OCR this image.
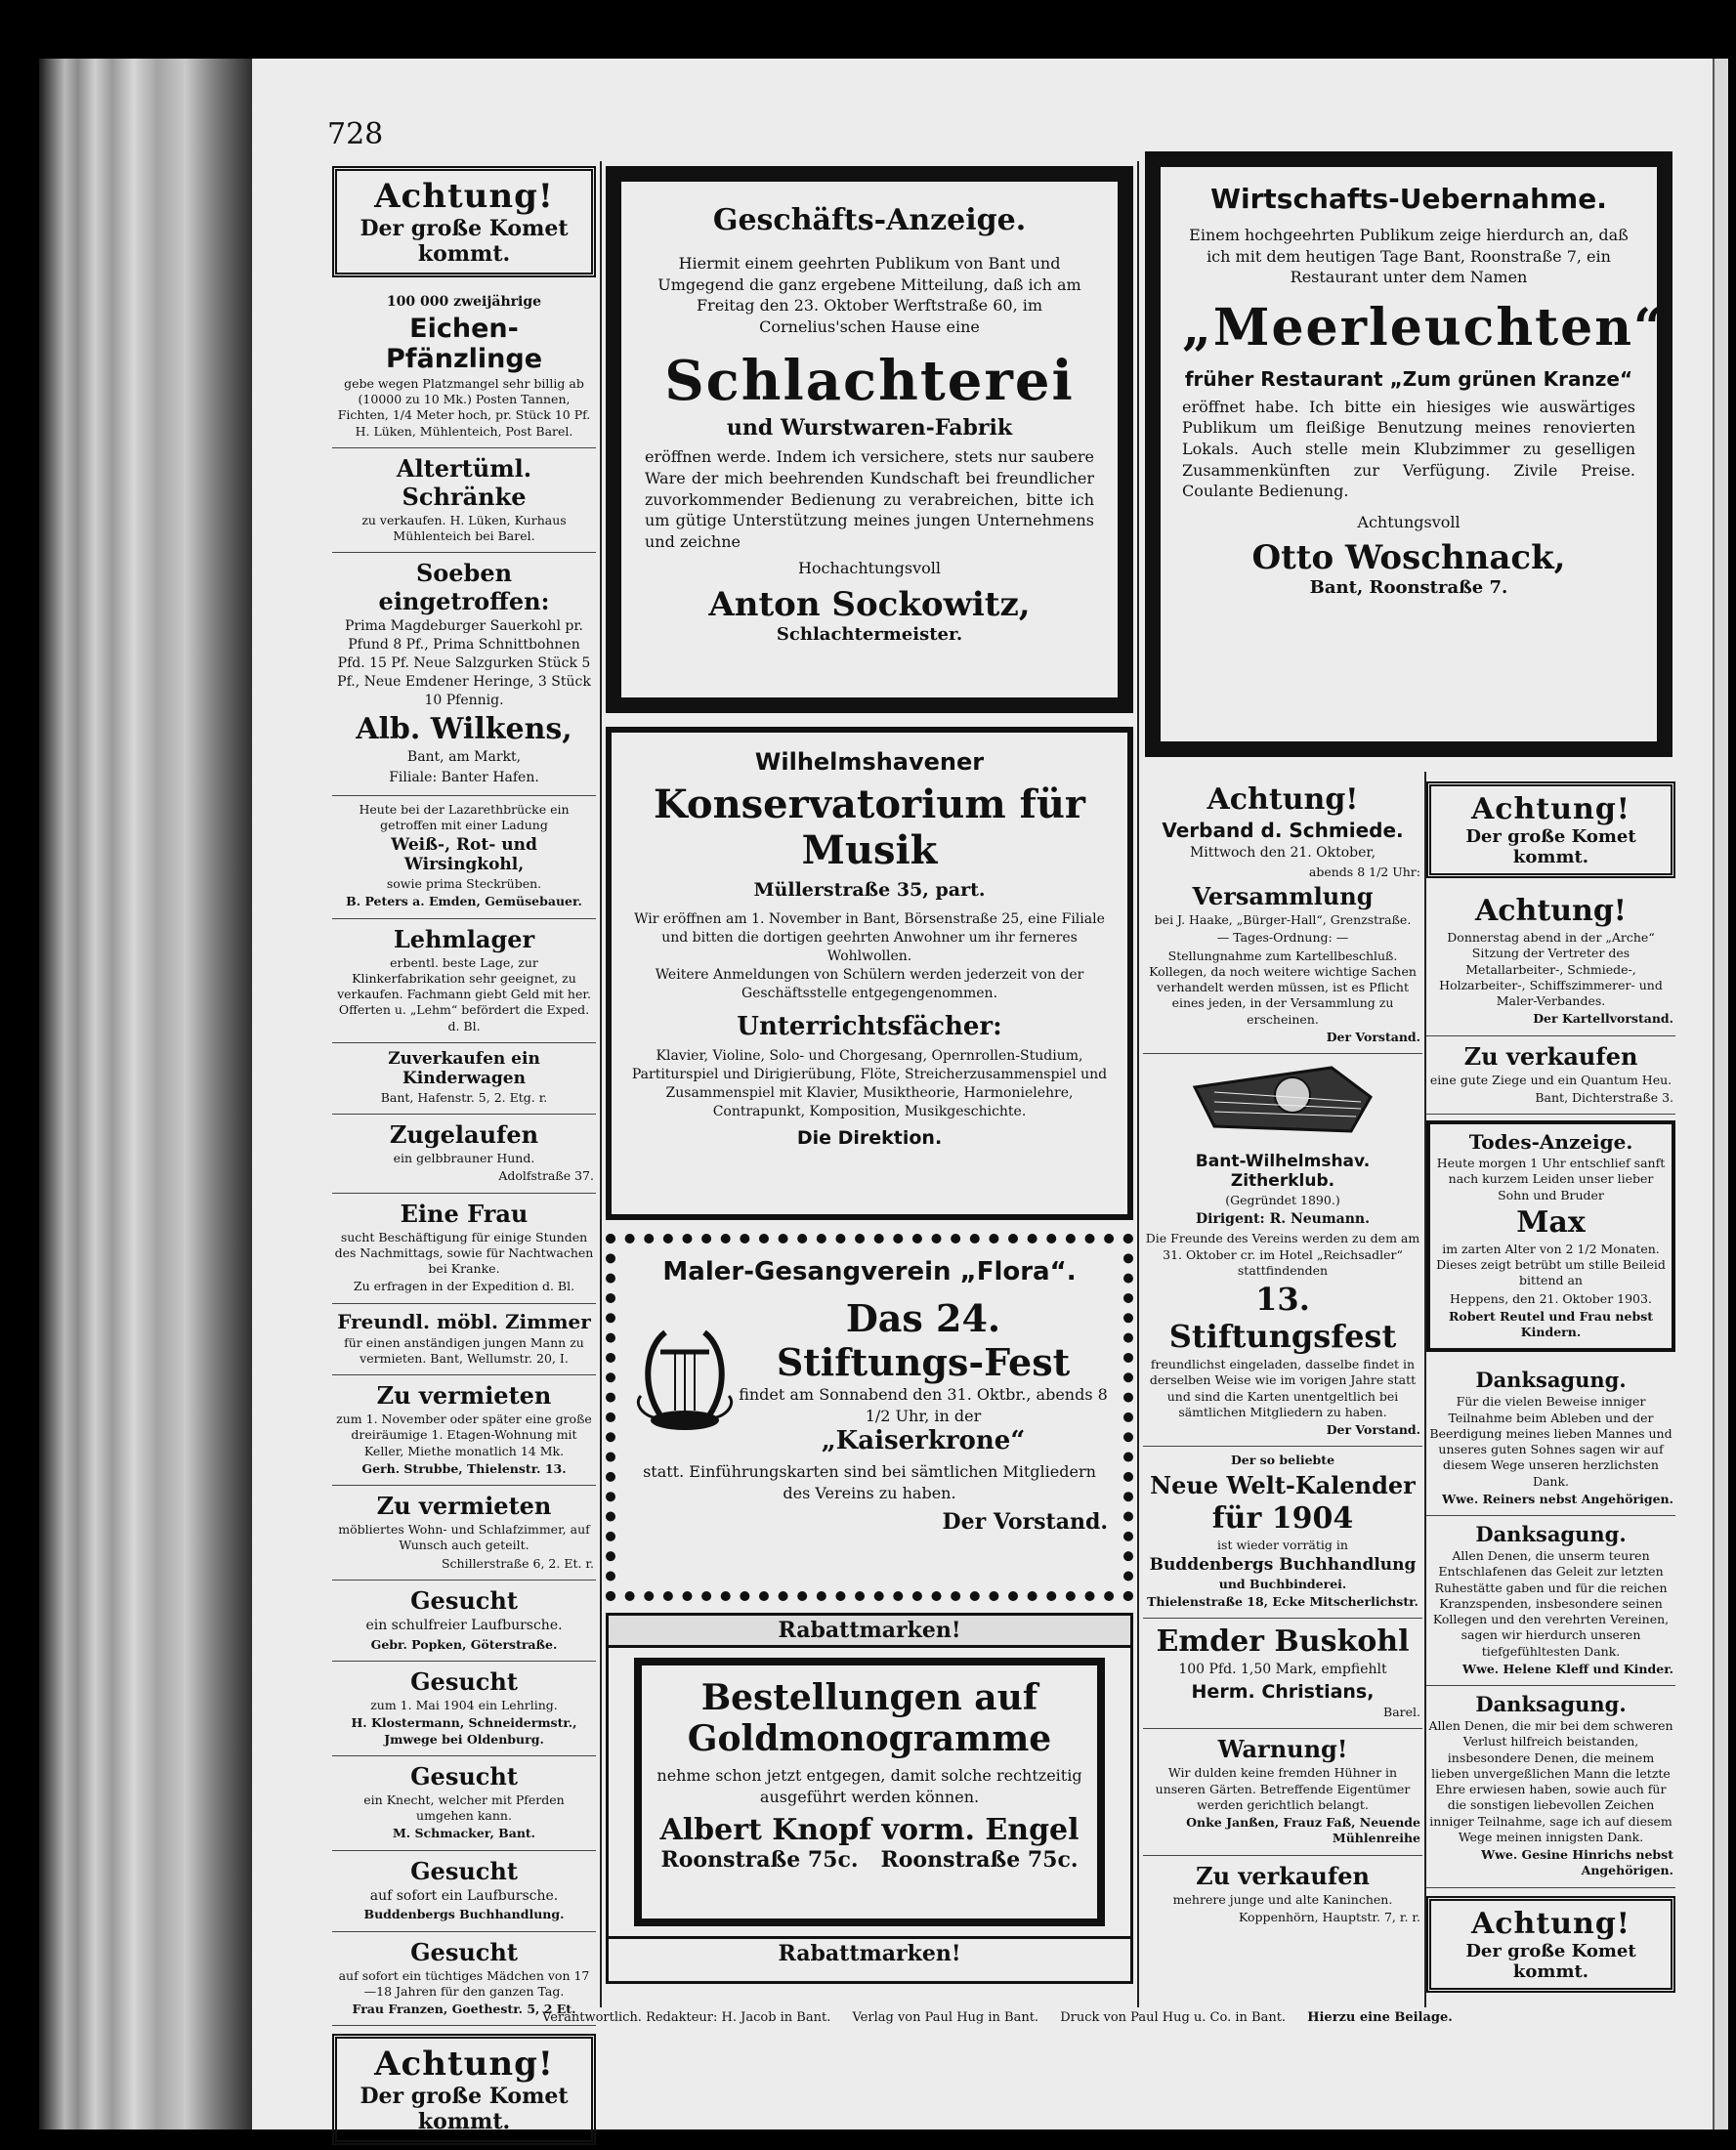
728
Achtung!
Der große Komet kommt.

100 000 zweijährige

Eichen-Pfänzlinge

gebe wegen Platzmangel sehr billig ab (10000 zu 10 Mk.) Posten Tannen, Fichten, 1/4 Meter hoch, pr. Stück 10 Pf. H. Lüken, Mühlenteich, Post Barel.

Altertüml. Schränke

zu verkaufen. H. Lüken, Kurhaus Mühlenteich bei Barel.

Soeben eingetroffen:

Prima Magdeburger Sauerkohl pr. Pfund 8 Pf., Prima Schnittbohnen Pfd. 15 Pf. Neue Salzgurken Stück 5 Pf., Neue Emdener Heringe, 3 Stück 10 Pfennig.

Alb. Wilkens,

Bant, am Markt,

Filiale: Banter Hafen.

Heute bei der Lazarethbrücke ein getroffen mit einer Ladung

Weiß-, Rot- und Wirsingkohl,

sowie prima Steckrüben.

B. Peters a. Emden, Gemüsebauer.

Lehmlager

erbentl. beste Lage, zur Klinkerfabrikation sehr geeignet, zu verkaufen. Fachmann giebt Geld mit her. Offerten u. „Lehm“ befördert die Exped. d. Bl.

Zuverkaufen ein Kinderwagen

Bant, Hafenstr. 5, 2. Etg. r.

Zugelaufen

ein gelbbrauner Hund.

Adolfstraße 37.

Eine Frau

sucht Beschäftigung für einige Stunden des Nachmittags, sowie für Nachtwachen bei Kranke.

Zu erfragen in der Expedition d. Bl.

Freundl. möbl. Zimmer

für einen anständigen jungen Mann zu vermieten. Bant, Wellumstr. 20, I.

Zu vermieten

zum 1. November oder später eine große dreiräumige 1. Etagen-Wohnung mit Keller, Miethe monatlich 14 Mk.

Gerh. Strubbe, Thielenstr. 13.

Zu vermieten

möbliertes Wohn- und Schlafzimmer, auf Wunsch auch geteilt.

Schillerstraße 6, 2. Et. r.

Gesucht

ein schulfreier Laufbursche.

Gebr. Popken, Göterstraße.

Gesucht

zum 1. Mai 1904 ein Lehrling.

H. Klostermann, Schneidermstr., Jmwege bei Oldenburg.

Gesucht

ein Knecht, welcher mit Pferden umgehen kann.

M. Schmacker, Bant.

Gesucht

auf sofort ein Laufbursche.

Buddenbergs Buchhandlung.

Gesucht

auf sofort ein tüchtiges Mädchen von 17—18 Jahren für den ganzen Tag.

Frau Franzen, Goethestr. 5, 2 Et.

Achtung!
Der große Komet kommt.
Geschäfts-Anzeige.
Hiermit einem geehrten Publikum von Bant und Umgegend die ganz ergebene Mitteilung, daß ich am Freitag den 23. Oktober Werftstraße 60, im Cornelius'schen Hause eine
Schlachterei
und Wurstwaren-Fabrik
eröffnen werde. Indem ich versichere, stets nur saubere Ware der mich beehrenden Kundschaft bei freundlicher zuvorkommender Bedienung zu verabreichen, bitte ich um gütige Unterstützung meines jungen Unternehmens und zeichne
Hochachtungsvoll
Anton Sockowitz,
Schlachtermeister.
Wilhelmshavener
Konservatorium für Musik
Müllerstraße 35, part.
Wir eröffnen am 1. November in Bant, Börsenstraße 25, eine Filiale und bitten die dortigen geehrten Anwohner um ihr ferneres Wohlwollen.
Weitere Anmeldungen von Schülern werden jederzeit von der Geschäftsstelle entgegengenommen.
Unterrichtsfächer:
Klavier, Violine, Solo- und Chorgesang, Opernrollen-Studium, Partiturspiel und Dirigierübung, Flöte, Streicherzusammenspiel und Zusammenspiel mit Klavier, Musiktheorie, Harmonielehre, Contrapunkt, Komposition, Musikgeschichte.
Die Direktion.
Maler-Gesangverein „Flora“.
Das 24. Stiftungs-Fest
findet am Sonnabend den 31. Oktbr., abends 8 1/2 Uhr, in der
„Kaiserkrone“
statt. Einführungskarten sind bei sämtlichen Mitgliedern des Vereins zu haben.
Der Vorstand.
Rabattmarken!
Bestellungen auf
Goldmonogramme
nehme schon jetzt entgegen, damit solche rechtzeitig ausgeführt werden können.
Albert Knopf vorm. Engel
Roonstraße 75c. Roonstraße 75c.
Rabattmarken!
Wirtschafts-Uebernahme.
Einem hochgeehrten Publikum zeige hierdurch an, daß ich mit dem heutigen Tage Bant, Roonstraße 7, ein Restaurant unter dem Namen
„Meerleuchten“
früher Restaurant „Zum grünen Kranze“
eröffnet habe. Ich bitte ein hiesiges wie auswärtiges Publikum um fleißige Benutzung meines renovierten Lokals. Auch stelle mein Klubzimmer zu geselligen Zusammenkünften zur Verfügung. Zivile Preise. Coulante Bedienung.
Achtungsvoll
Otto Woschnack,
Bant, Roonstraße 7.

Achtung!

Verband d. Schmiede.

Mittwoch den 21. Oktober,

abends 8 1/2 Uhr:

Versammlung

bei J. Haake, „Bürger-Hall“, Grenzstraße.

— Tages-Ordnung: —

Stellungnahme zum Kartellbeschluß. Kollegen, da noch weitere wichtige Sachen verhandelt werden müssen, ist es Pflicht eines jeden, in der Versammlung zu erscheinen.

Der Vorstand.

Bant-Wilhelmshav. Zitherklub.

(Gegründet 1890.)

Dirigent: R. Neumann.

Die Freunde des Vereins werden zu dem am 31. Oktober cr. im Hotel „Reichsadler“ stattfindenden

13. Stiftungsfest

freundlichst eingeladen, dasselbe findet in derselben Weise wie im vorigen Jahre statt und sind die Karten unentgeltlich bei sämtlichen Mitgliedern zu haben.

Der Vorstand.

Der so beliebte

Neue Welt-Kalender

für 1904

ist wieder vorrätig in

Buddenbergs Buchhandlung

und Buchbinderei.

Thielenstraße 18, Ecke Mitscherlichstr.

Emder Buskohl

100 Pfd. 1,50 Mark, empfiehlt

Herm. Christians,

Barel.

Warnung!

Wir dulden keine fremden Hühner in unseren Gärten. Betreffende Eigentümer werden gerichtlich belangt.

Onke Janßen, Frauz Faß, Neuende Mühlenreihe

Zu verkaufen

mehrere junge und alte Kaninchen.

Koppenhörn, Hauptstr. 7, r. r.

Achtung!
Der große Komet kommt.

Achtung!

Donnerstag abend in der „Arche“ Sitzung der Vertreter des Metallarbeiter-, Schmiede-, Holzarbeiter-, Schiffszimmerer- und Maler-Verbandes.

Der Kartellvorstand.

Zu verkaufen

eine gute Ziege und ein Quantum Heu.

Bant, Dichterstraße 3.

Todes-Anzeige.

Heute morgen 1 Uhr entschlief sanft nach kurzem Leiden unser lieber Sohn und Bruder

Max

im zarten Alter von 2 1/2 Monaten. Dieses zeigt betrübt um stille Beileid bittend an

Heppens, den 21. Oktober 1903.

Robert Reutel und Frau nebst Kindern.

Danksagung.

Für die vielen Beweise inniger Teilnahme beim Ableben und der Beerdigung meines lieben Mannes und unseres guten Sohnes sagen wir auf diesem Wege unseren herzlichsten Dank.

Wwe. Reiners nebst Angehörigen.

Danksagung.

Allen Denen, die unserm teuren Entschlafenen das Geleit zur letzten Ruhestätte gaben und für die reichen Kranzspenden, insbesondere seinen Kollegen und den verehrten Vereinen, sagen wir hierdurch unseren tiefgefühltesten Dank.

Wwe. Helene Kleff und Kinder.

Danksagung.

Allen Denen, die mir bei dem schweren Verlust hilfreich beistanden, insbesondere Denen, die meinem lieben unvergeßlichen Mann die letzte Ehre erwiesen haben, sowie auch für die sonstigen liebevollen Zeichen inniger Teilnahme, sage ich auf diesem Wege meinen innigsten Dank.

Wwe. Gesine Hinrichs nebst Angehörigen.

Achtung!
Der große Komet kommt.
Verantwortlich. Redakteur: H. Jacob in Bant. Verlag von Paul Hug in Bant. Druck von Paul Hug u. Co. in Bant. Hierzu eine Beilage.
